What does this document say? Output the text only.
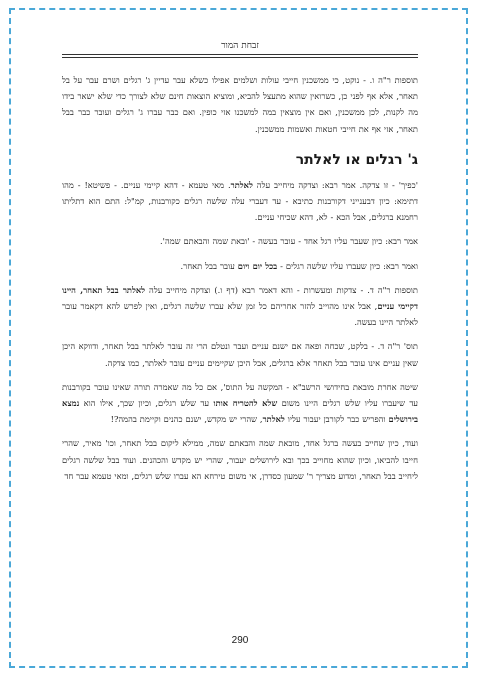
זבחת המור

תוספות ר"ה ו. - נוקט, כי ממשכנין חייבי עולות ושלמים אפילו כשלא עבר עדיין ג' רגלים ושרם עבר על בל תאחר, אלא אף לפני כן, כשרואין שהוא מתעצל להביא, ומוציא הוצאות חינם שלא לצורך כדי שלא ישאר בידו מה לקנות, לכן ממשכנין, ואם אין מוצאין במה למשכנו אזי כופין. ואם כבר עברו ג' רגלים ועובר כבר בבל תאחר, אזי אף את חייבי חטאות ואשמות ממשכנין.

ג' רגלים או לאלתר

'כפיך' - זו צדקה. אמר רבא: וצדקה מיחייב עלה לאלתר. מאי טעמא - דהא קיימי עניים. - פשיטא! - מהו דתימא: כיון דבענייני דקורבנות כתיבא - עד דעברי עלה שלשה רגלים כקורבנות, קמ"ל: התם הוא דתליתו רחמנא ברגלים, אבל הכא - לא, דהא שכיחי עניים.

אמר רבא: כיון שעבר עליו רגל אחד - עובר בעשה - 'ובאת שמה והבאתם שמה'.

ואמר רבא: כיון שעברו עליו שלשה רגלים - בכל יום ויום עובר בבל תאחר.

תוספות ר"ה ד. - צדקות ומעשרות - והא דאמר רבא (דף ו.) וצדקה מיחייב עלה לאלתר בבל תאחר, היינו דקיימי עניים, אבל אינו מהוייב להזר אחריהם כל זמן שלא עברו שלשה רגלים, ואין לפרש להא דקאמר עובר לאלתר היינו בעשה.

תוס' ר"ה ד. - בלקט, שכחה ופאה אם ישנם עניים ועבר ונטלם הרי זה עובר לאלתר בבל תאחר, ודווקא היכן שאין עניים אינו עובר בבל תאחר אלא ברגלים, אבל היכן שקיימים עניים עובר לאלתר, כמו צדקה.

שיטה אחרת מובאת בחידושי הרשב"א - המקשה על התוס', אם כל מה שאמרה תורה שאינו עובר בקורבנות עד שיעברו עליו שלש רגלים היינו משום שלא להטריח אותו עד שלש רגלים, וכיון שכך, אילו הוא נמצא בירושלים והפריש כבר לקורבן יעבור עליו לאלתר, שהרי יש מקדש, ישנם כהנים וקיימת בהמה?!

ועוד, כיון שחייב בעשה ברגל אחד, מובאת שמה והבאתם שמה, ממילא ליקום בבל תאחר, וכו' מאיר, שהרי חייבו להביאו, וכיון שהוא מחוייב בכך ובא לירושלים יעבור, שהרי יש מקדש והכהנים. ועוד בבל שלשה רגלים ליחייב בבל תאחר, ומדוע מצריך ר' שמעון כסדרן, אי משום טירחא הא עברו שלש רגלים, ומאי טעמא עבר חד

290
